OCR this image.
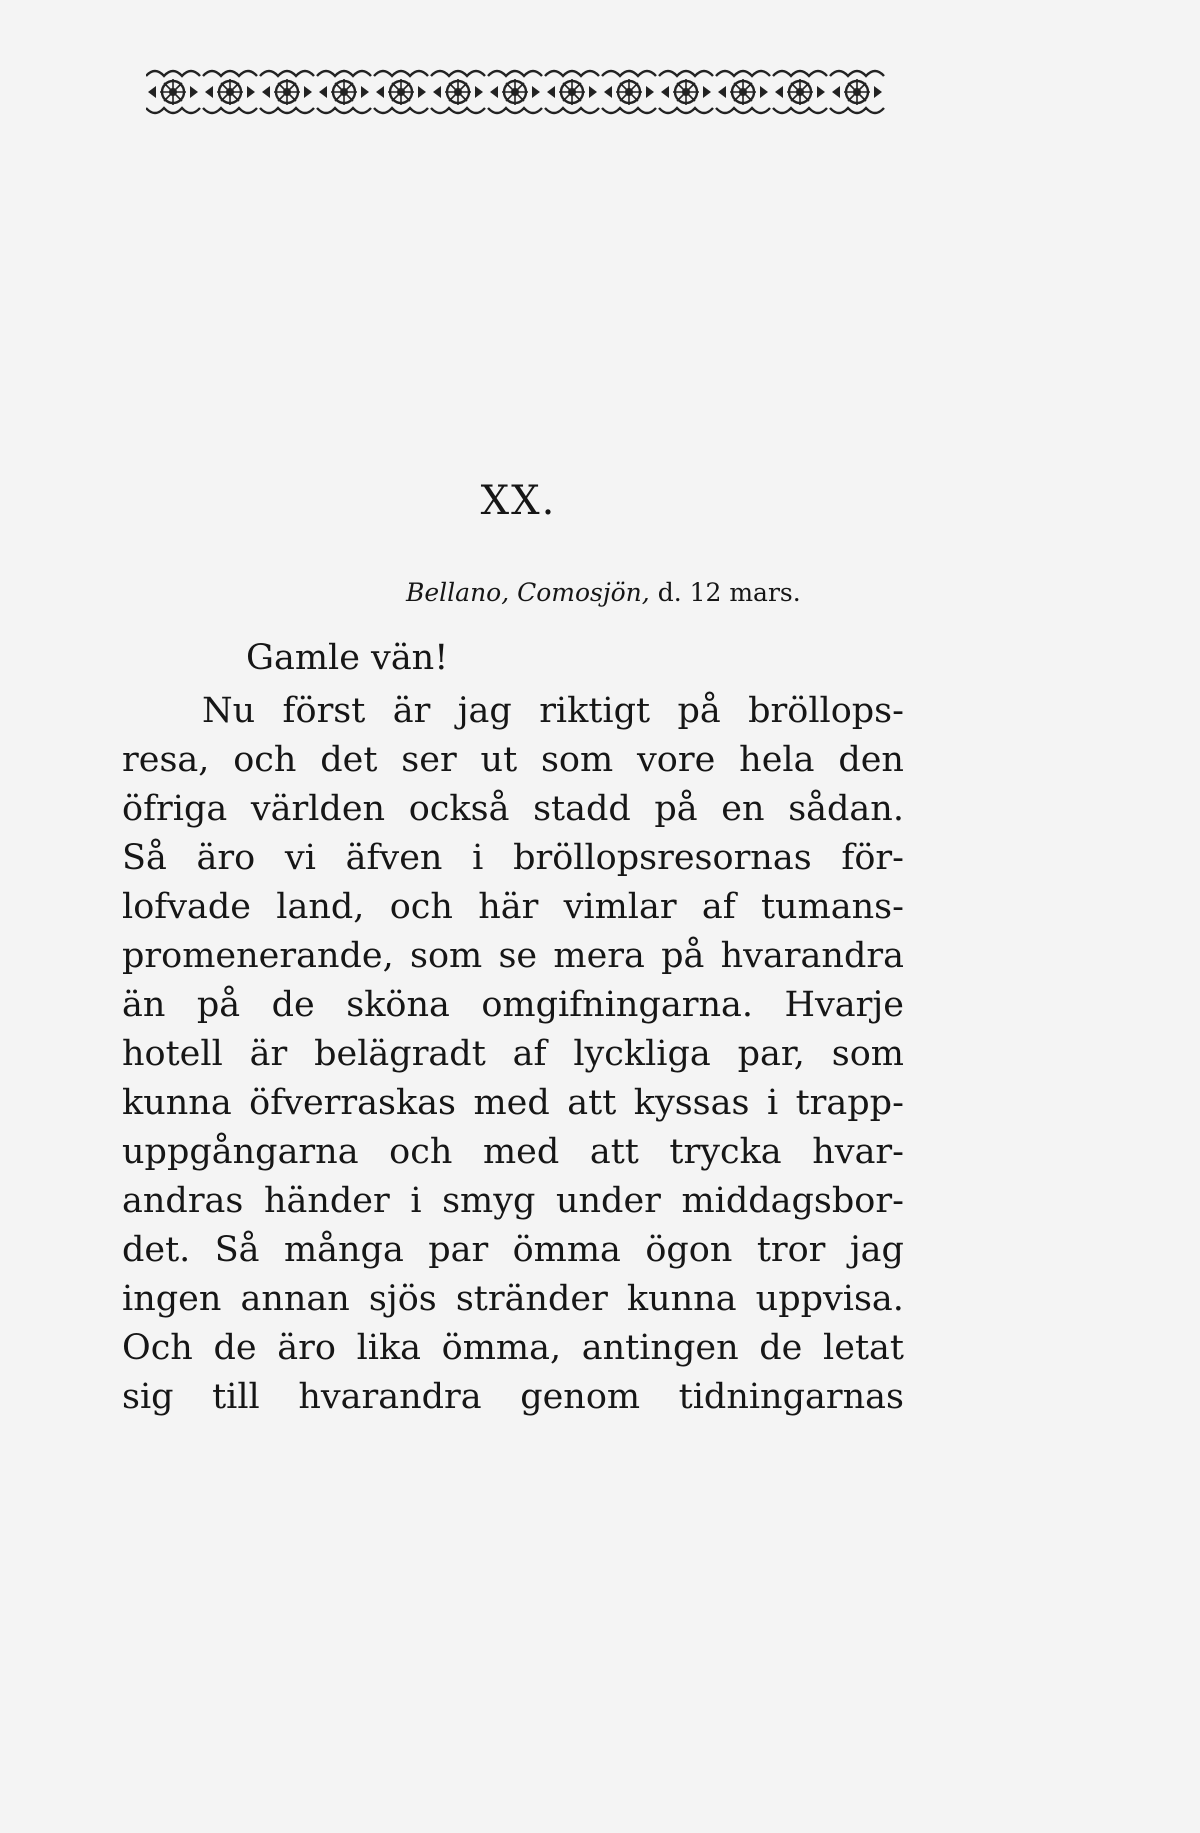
XX.
Bellano, Comosjön, d. 12 mars.
Gamle vän!
Nu först är jag riktigt på bröllops-
resa, och det ser ut som vore hela den
öfriga världen också stadd på en sådan.
Så äro vi äfven i bröllopsresornas för-
lofvade land, och här vimlar af tumans-
promenerande, som se mera på hvarandra
än på de sköna omgifningarna. Hvarje
hotell är belägradt af lyckliga par, som
kunna öfverraskas med att kyssas i trapp-
uppgångarna och med att trycka hvar-
andras händer i smyg under middagsbor-
det. Så många par ömma ögon tror jag
ingen annan sjös stränder kunna uppvisa.
Och de äro lika ömma, antingen de letat
sig till hvarandra genom tidningarnas
